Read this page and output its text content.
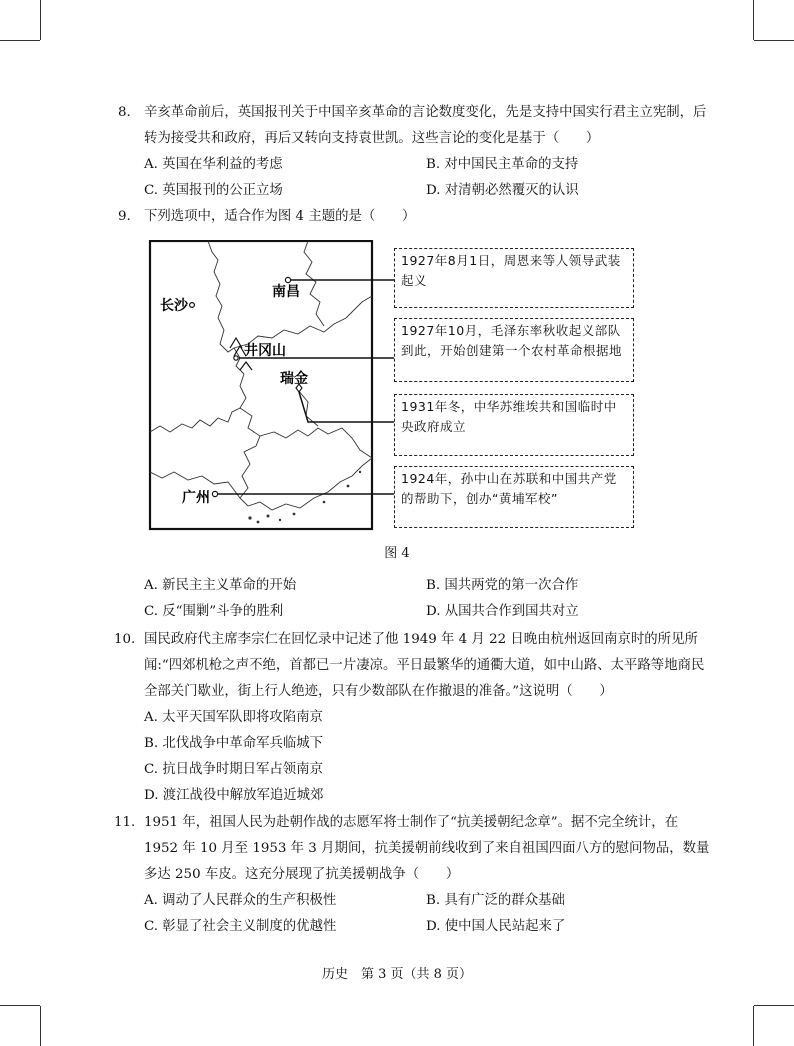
8. 辛亥革命前后，英国报刊关于中国辛亥革命的言论数度变化，先是支持中国实行君主立宪制，后转为接受共和政府，再后又转向支持袁世凯。这些言论的变化是基于（　　）
A. 英国在华利益的考虑	B. 对中国民主革命的支持
C. 英国报刊的公正立场	D. 对清朝必然覆灭的认识
9. 下列选项中，适合作为图 4 主题的是（　　）
南昌
长沙
井冈山
瑞金
广州
1927年8月1日，周恩来等人领导武装起义
1927年10月，毛泽东率秋收起义部队到此，开始创建第一个农村革命根据地
1931年冬，中华苏维埃共和国临时中央政府成立
1924年，孙中山在苏联和中国共产党的帮助下，创办“黄埔军校”
图 4
A. 新民主主义革命的开始	B. 国共两党的第一次合作
C. 反“围剿”斗争的胜利	D. 从国共合作到国共对立
10. 国民政府代主席李宗仁在回忆录中记述了他 1949 年 4 月 22 日晚由杭州返回南京时的所见所闻:“四郊机枪之声不绝，首都已一片凄凉。平日最繁华的通衢大道，如中山路、太平路等地商民全部关门歇业，街上行人绝迹，只有少数部队在作撤退的准备。”这说明（　　）
A. 太平天国军队即将攻陷南京
B. 北伐战争中革命军兵临城下
C. 抗日战争时期日军占领南京
D. 渡江战役中解放军追近城郊
11. 1951 年，祖国人民为赴朝作战的志愿军将士制作了“抗美援朝纪念章”。据不完全统计，在 1952 年 10 月至 1953 年 3 月期间，抗美援朝前线收到了来自祖国四面八方的慰问物品，数量多达 250 车皮。这充分展现了抗美援朝战争（　　）
A. 调动了人民群众的生产积极性	B. 具有广泛的群众基础
C. 彰显了社会主义制度的优越性	D. 使中国人民站起来了
历史　第 3 页（共 8 页）
